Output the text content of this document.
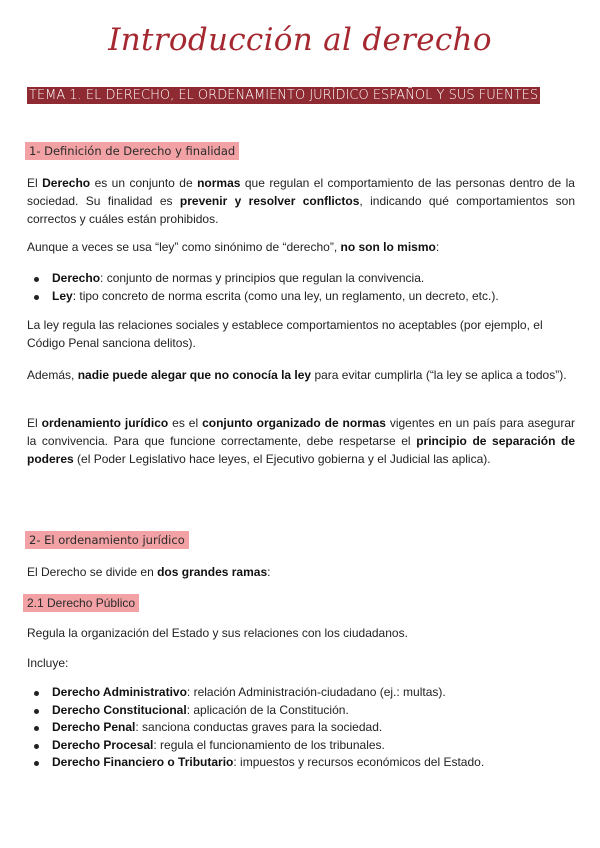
Introducción al derecho
TEMA 1. EL DERECHO, EL ORDENAMIENTO JURÍDICO ESPAÑOL Y SUS FUENTES
1- Definición de Derecho y finalidad

El Derecho es un conjunto de normas que regulan el comportamiento de las personas dentro de la sociedad. Su finalidad es prevenir y resolver conflictos, indicando qué comportamientos son correctos y cuáles están prohibidos.

Aunque a veces se usa “ley” como sinónimo de “derecho”, no son lo mismo:

Derecho: conjunto de normas y principios que regulan la convivencia.
Ley: tipo concreto de norma escrita (como una ley, un reglamento, un decreto, etc.).

La ley regula las relaciones sociales y establece comportamientos no aceptables (por ejemplo, el Código Penal sanciona delitos).

Además, nadie puede alegar que no conocía la ley para evitar cumplirla (“la ley se aplica a todos”).

El ordenamiento jurídico es el conjunto organizado de normas vigentes en un país para asegurar la convivencia. Para que funcione correctamente, debe respetarse el principio de separación de poderes (el Poder Legislativo hace leyes, el Ejecutivo gobierna y el Judicial las aplica).

2- El ordenamiento jurídico

El Derecho se divide en dos grandes ramas:

2.1 Derecho Público

Regula la organización del Estado y sus relaciones con los ciudadanos.

Incluye:

Derecho Administrativo: relación Administración-ciudadano (ej.: multas).
Derecho Constitucional: aplicación de la Constitución.
Derecho Penal: sanciona conductas graves para la sociedad.
Derecho Procesal: regula el funcionamiento de los tribunales.
Derecho Financiero o Tributario: impuestos y recursos económicos del Estado.
